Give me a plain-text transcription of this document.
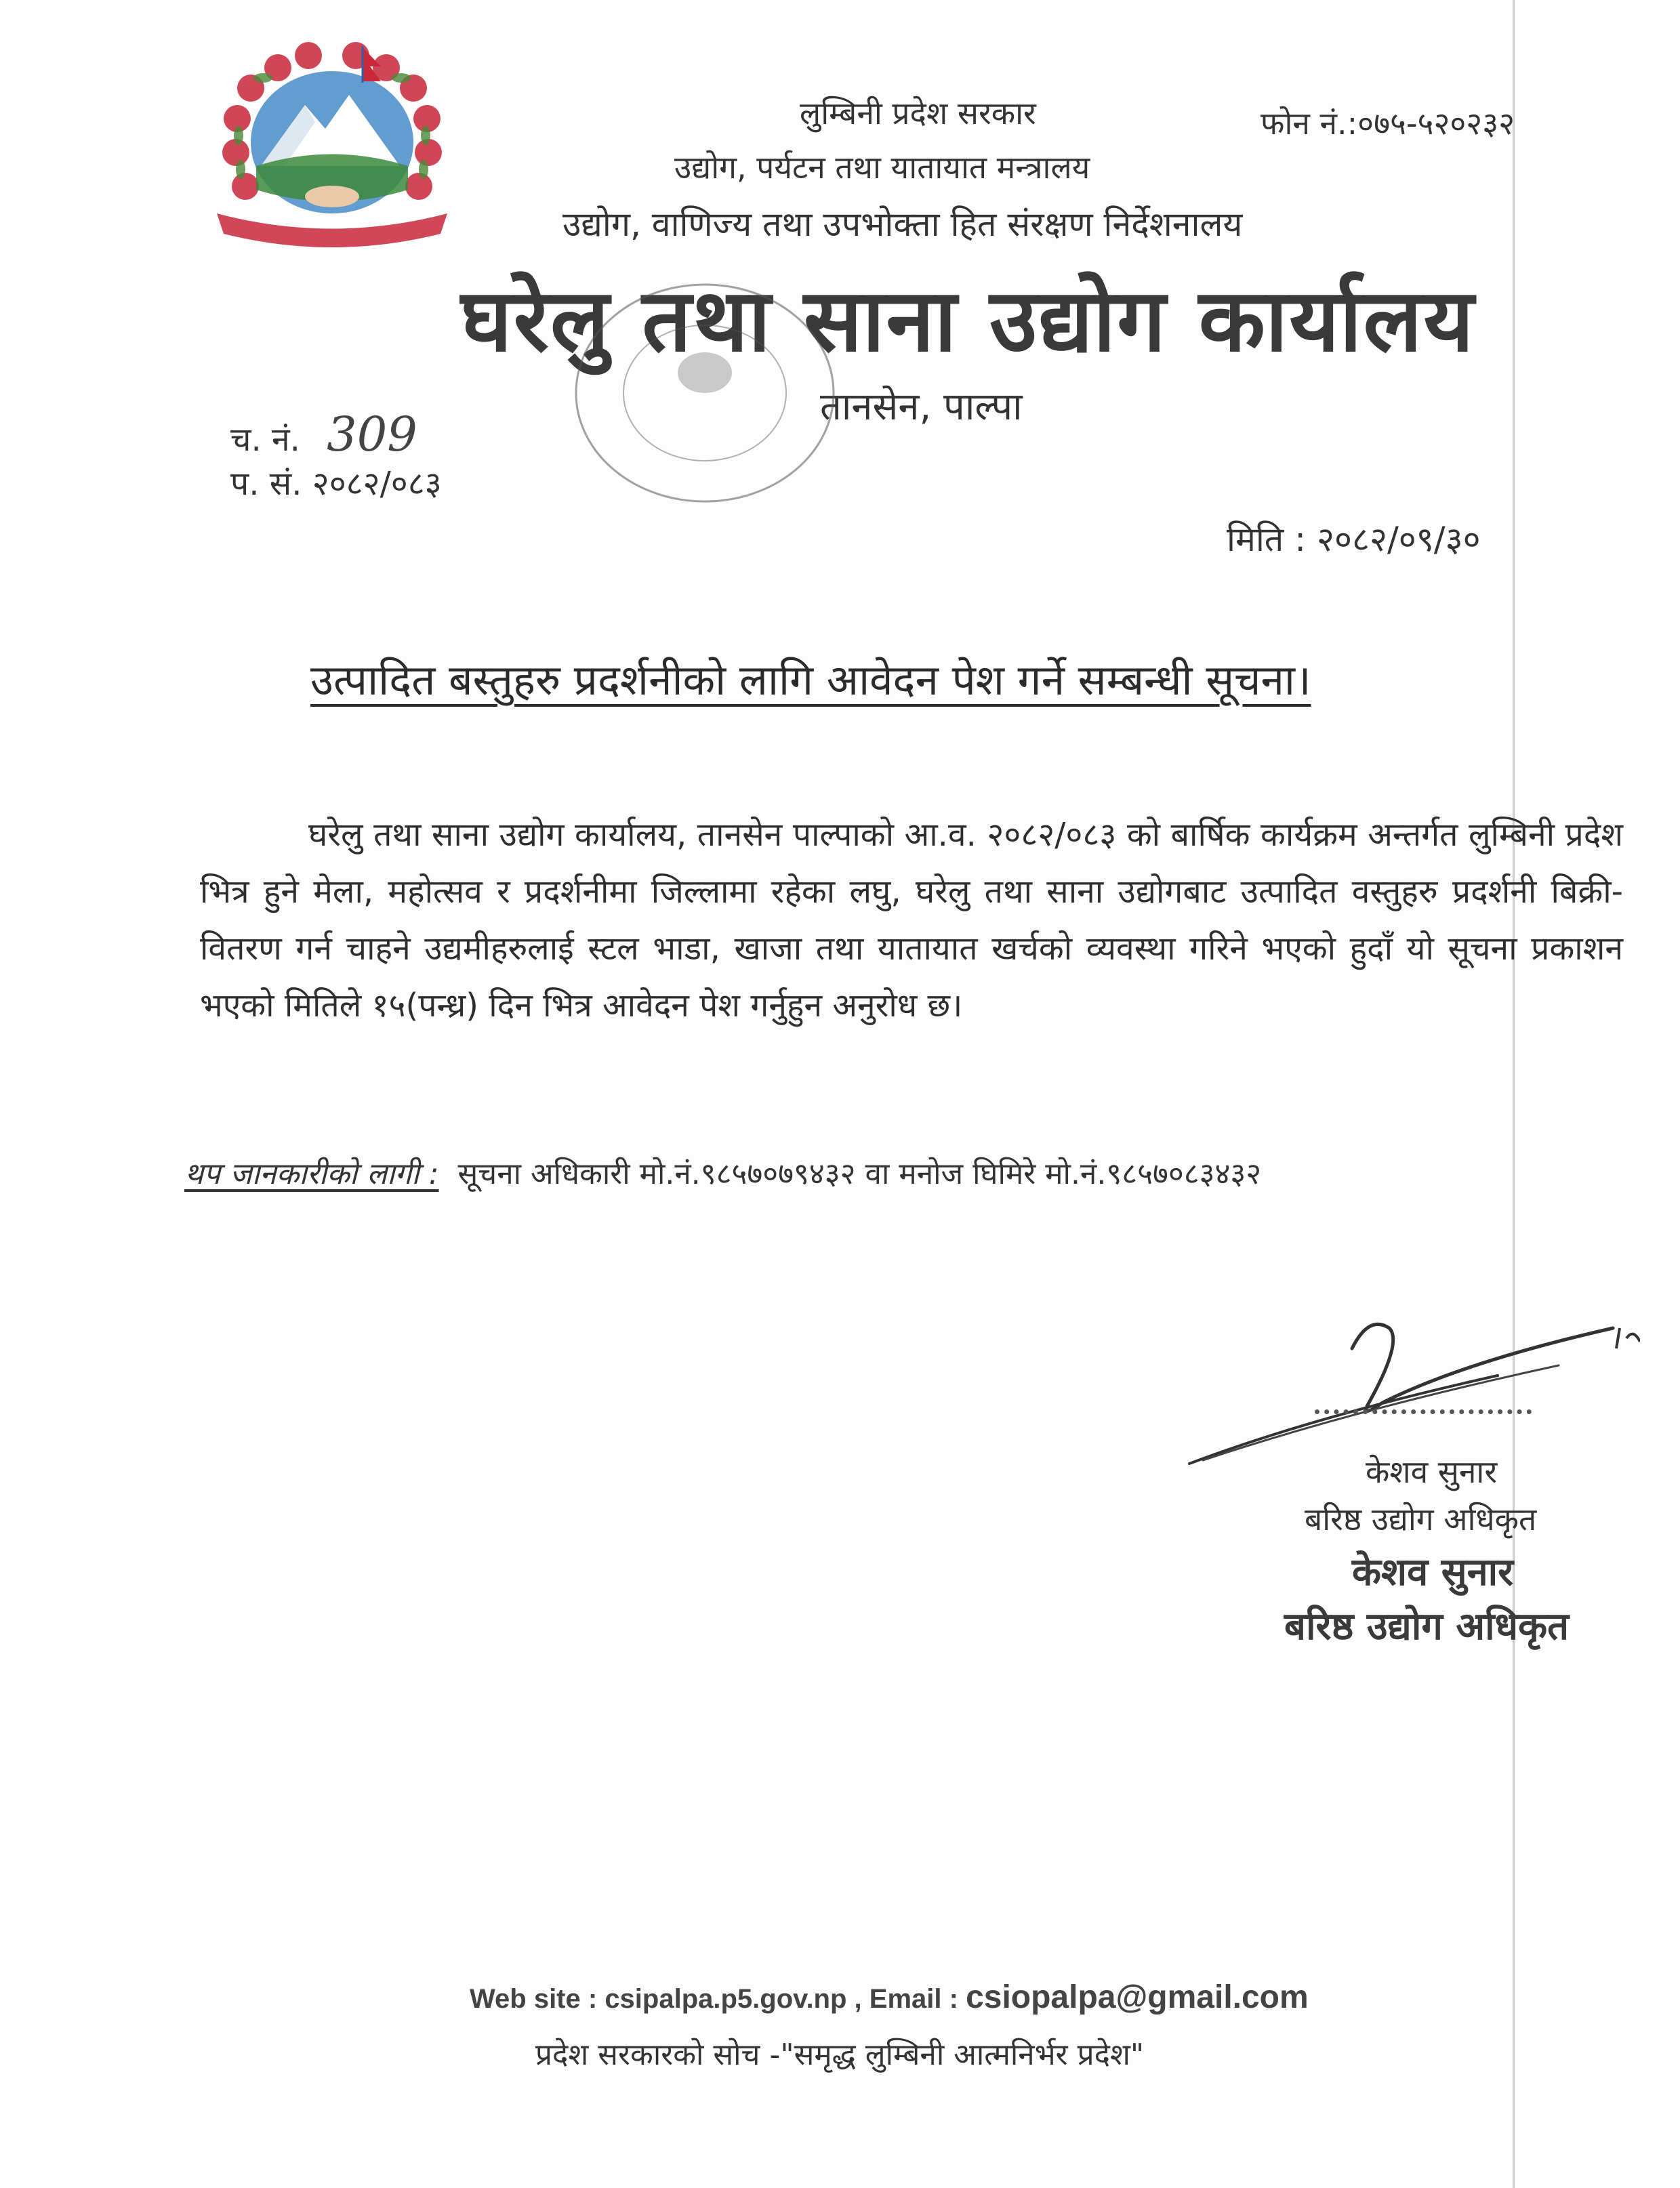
लुम्बिनी प्रदेश सरकार	फोन नं.:०७५-५२०२३२
उद्योग, पर्यटन तथा यातायात मन्त्रालय
उद्योग, वाणिज्य तथा उपभोक्ता हित संरक्षण निर्देशनालय
घरेलु तथा साना उद्योग कार्यालय
तानसेन, पाल्पा
च. नं. 309
प. सं. २०८२/०८३
मिति : २०८२/०९/३०
उत्पादित बस्तुहरु प्रदर्शनीको लागि आवेदन पेश गर्ने सम्बन्धी सूचना।

घरेलु तथा साना उद्योग कार्यालय, तानसेन पाल्पाको आ.व. २०८२/०८३ को बार्षिक कार्यक्रम अन्तर्गत लुम्बिनी प्रदेश भित्र हुने मेला, महोत्सव र प्रदर्शनीमा जिल्लामा रहेका लघु, घरेलु तथा साना उद्योगबाट उत्पादित वस्तुहरु प्रदर्शनी बिक्री-वितरण गर्न चाहने उद्यमीहरुलाई स्टल भाडा, खाजा तथा यातायात खर्चको व्यवस्था गरिने भएको हुदाँ यो सूचना प्रकाशन भएको मितिले १५(पन्ध्र) दिन भित्र आवेदन पेश गर्नुहुन अनुरोध छ।

थप जानकारीको लागी : सूचना अधिकारी मो.नं.९८५७०७९४३२ वा मनोज घिमिरे मो.नं.९८५७०८३४३२
केशव सुनार
बरिष्ठ उद्योग अधिकृत
केशव सुनार
बरिष्ठ उद्योग अधिकृत
Web site : csipalpa.p5.gov.np , Email : csiopalpa@gmail.com
प्रदेश सरकारको सोच -"समृद्ध लुम्बिनी आत्मनिर्भर प्रदेश"
